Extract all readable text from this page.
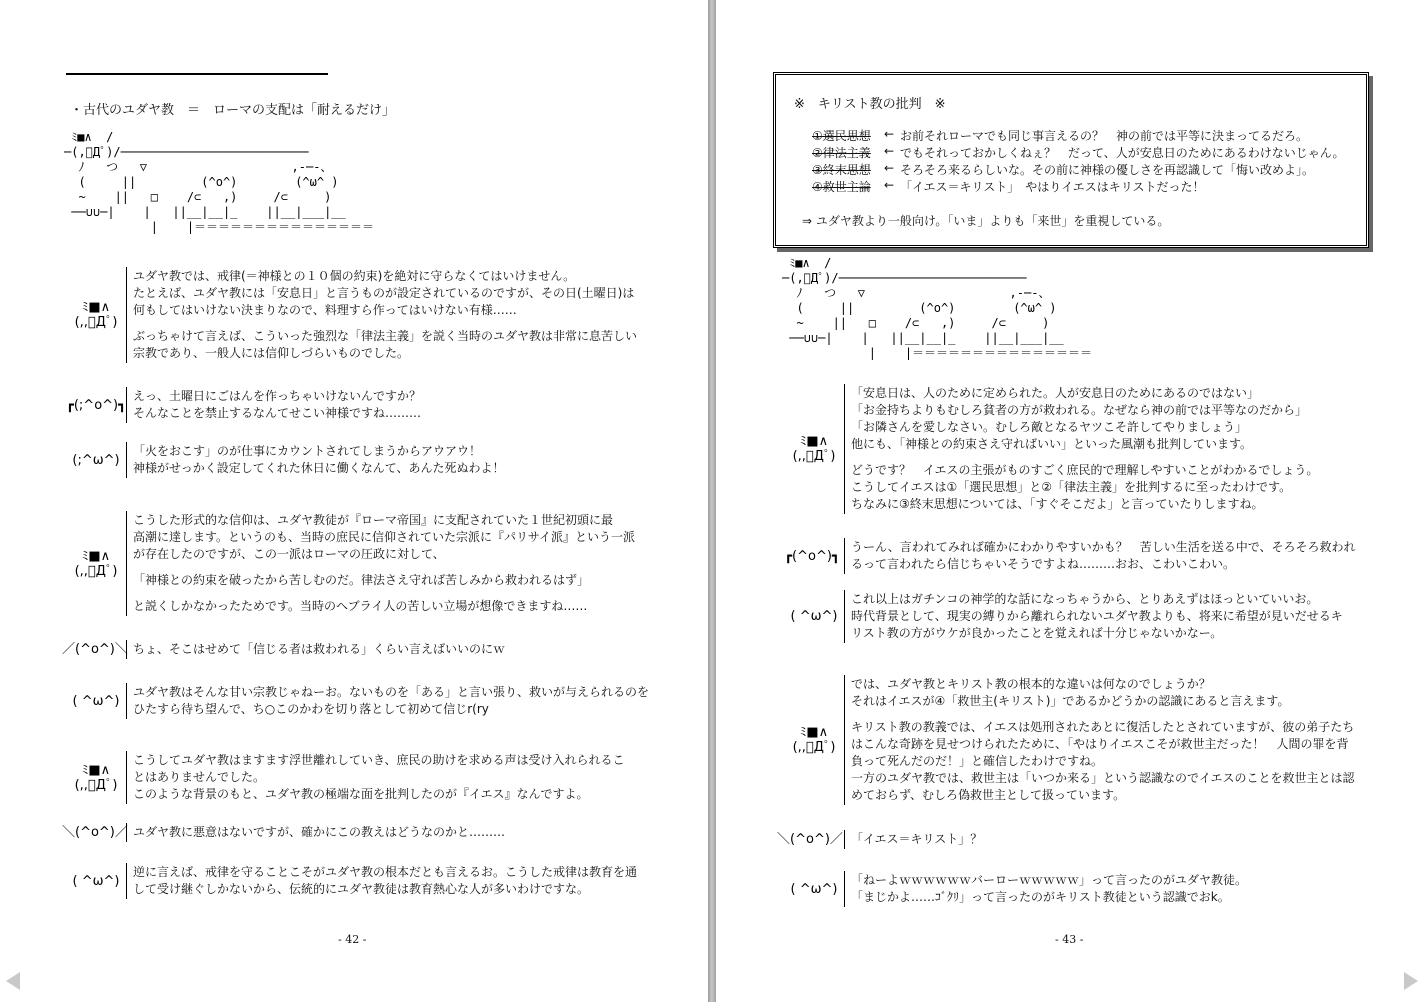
・古代のユダヤ教　＝　ローマの支配は「耐えるだけ」
ﾐ■∧  /
─(,ﾟДﾟ)/──────────────────────────
ﾉ   つ   ▽                    ,-─-、
(     ||         (^o^)        (^ω^ )
~    ||   □    /⊂   ,)     /⊂     )
──∪∪─|    |   ||__|__|_    ||__|___|__
|    |＝＝＝＝＝＝＝＝＝＝＝＝＝＝＝
ﾐ■∧
(,,ﾟДﾟ)
ユダヤ教では、戒律(＝神様との１０個の約束)を絶対に守らなくてはいけません。
たとえば、ユダヤ教には「安息日」と言うものが設定されているのですが、その日(土曜日)は
何もしてはいけない決まりなので、料理すら作ってはいけない有様……
ぶっちゃけて言えば、こういった強烈な「律法主義」を説く当時のユダヤ教は非常に息苦しい
宗教であり、一般人には信仰しづらいものでした。
┏(;^o^)┓
えっ、土曜日にごはんを作っちゃいけないんですか？
そんなことを禁止するなんてせこい神様ですね………
(;^ω^)
「火をおこす」のが仕事にカウントされてしまうからアウアウ！
神様がせっかく設定してくれた休日に働くなんて、あんた死ぬわよ！
ﾐ■∧
(,,ﾟДﾟ)
こうした形式的な信仰は、ユダヤ教徒が『ローマ帝国』に支配されていた１世紀初頭に最
高潮に達します。というのも、当時の庶民に信仰されていた宗派に『パリサイ派』という一派
が存在したのですが、この一派はローマの圧政に対して、
「神様との約束を破ったから苦しむのだ。律法さえ守れば苦しみから救われるはず」
と説くしかなかったためです。当時のヘブライ人の苦しい立場が想像できますね……
／(^o^)＼ ちょ、そこはせめて「信じる者は救われる」くらい言えばいいのにｗ
( ^ω^)
ユダヤ教はそんな甘い宗教じゃねーお。ないものを「ある」と言い張り、救いが与えられるのを
ひたすら待ち望んで、ち○このかわを切り落として初めて信じr(ry
ﾐ■∧
(,,ﾟДﾟ)
こうしてユダヤ教はますます浮世離れしていき、庶民の助けを求める声は受け入れられるこ
とはありませんでした。
このような背景のもと、ユダヤ教の極端な面を批判したのが『イエス』なんですよ。
＼(^o^)／ ユダヤ教に悪意はないですが、確かにこの教えはどうなのかと………
( ^ω^)
逆に言えば、戒律を守ることこそがユダヤ教の根本だとも言えるお。こうした戒律は教育を通
して受け継ぐしかないから、伝統的にユダヤ教徒は教育熱心な人が多いわけですな。
- 42 -
※　キリスト教の批判　※
①選民思想	← お前それローマでも同じ事言えるの？　神の前では平等に決まってるだろ。
②律法主義	← でもそれっておかしくねぇ？　だって、人が安息日のためにあるわけないじゃん。
③終末思想	← そろそろ来るらしいな。その前に神様の優しさを再認識して「悔い改めよ」。
④救世主論	← 「イエス＝キリスト」　やはりイエスはキリストだった！
⇒ ユダヤ教より一般向け。「いま」よりも「来世」を重視している。
ﾐ■∧  /
─(,ﾟДﾟ)/──────────────────────────
ﾉ   つ   ▽                    ,-─-、
(     ||         (^o^)        (^ω^ )
~    ||   □    /⊂   ,)     /⊂     )
──∪∪─|    |   ||__|__|_    ||__|___|__
|    |＝＝＝＝＝＝＝＝＝＝＝＝＝＝＝
ﾐ■∧
(,,ﾟДﾟ)
「安息日は、人のために定められた。人が安息日のためにあるのではない」
「お金持ちよりもむしろ貧者の方が救われる。なぜなら神の前では平等なのだから」
「お隣さんを愛しなさい。むしろ敵となるヤツこそ許してやりましょう」
他にも、「神様との約束さえ守ればいい」といった風潮も批判しています。
どうです？　イエスの主張がものすごく庶民的で理解しやすいことがわかるでしょう。
こうしてイエスは①「選民思想」と②「律法主義」を批判するに至ったわけです。
ちなみに③終末思想については、「すぐそこだよ」と言っていたりしますね。
┏(^o^)┓
うーん、言われてみれば確かにわかりやすいかも？　苦しい生活を送る中で、そろそろ救われ
るって言われたら信じちゃいそうですよね………おお、こわいこわい。
( ^ω^)
これ以上はガチンコの神学的な話になっちゃうから、とりあえずはほっといていいお。
時代背景として、現実の縛りから離れられないユダヤ教よりも、将来に希望が見いだせるキ
リスト教の方がウケが良かったことを覚えれば十分じゃないかなー。
ﾐ■∧
(,,ﾟДﾟ)
では、ユダヤ教とキリスト教の根本的な違いは何なのでしょうか？
それはイエスが④「救世主(キリスト)」であるかどうかの認識にあると言えます。
キリスト教の教義では、イエスは処刑されたあとに復活したとされていますが、彼の弟子たち
はこんな奇跡を見せつけられたために、「やはりイエスこそが救世主だった！　人間の罪を背
負って死んだのだ！」と確信したわけですね。
一方のユダヤ教では、救世主は「いつか来る」という認識なのでイエスのことを救世主とは認
めておらず、むしろ偽救世主として扱っています。
＼(^o^)／ 「イエス＝キリスト」？
( ^ω^)
「ねーよｗｗｗｗｗｗバーローｗｗｗｗｗ」って言ったのがユダヤ教徒。
「まじかよ……ｺﾞｸﾘ」って言ったのがキリスト教徒という認識でおk。
- 43 -
